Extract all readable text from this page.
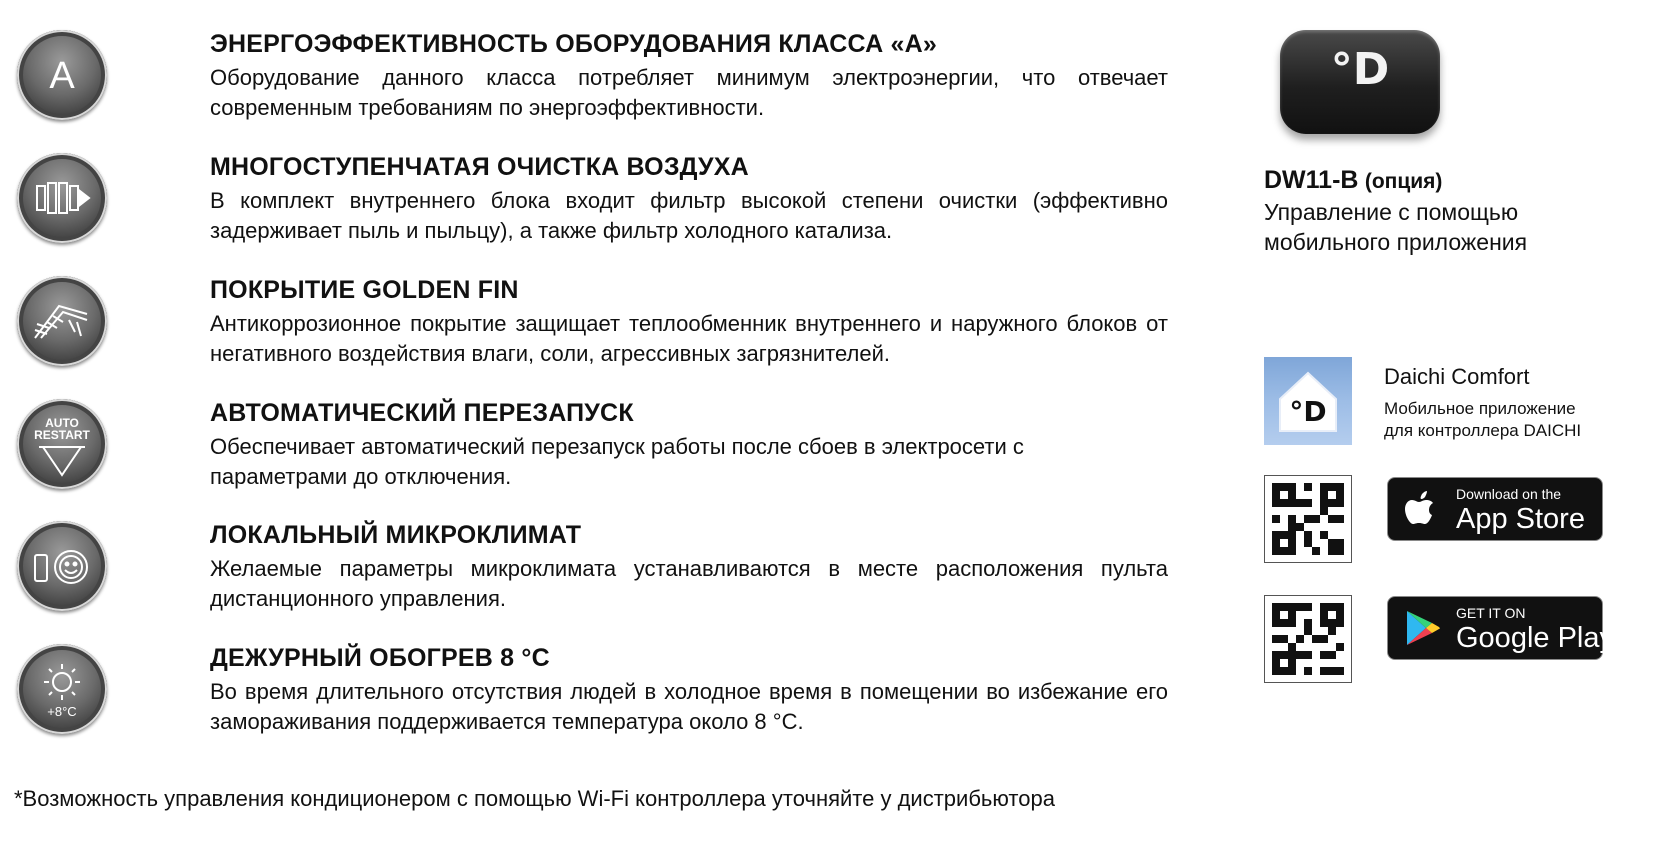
A
ЭНЕРГОЭФФЕКТИВНОСТЬ ОБОРУДОВАНИЯ КЛАССА «А»

Оборудование данного класса потребляет минимум электроэнергии, что отвечает современным требованиям по энергоэффективности.

МНОГОСТУПЕНЧАТАЯ ОЧИСТКА ВОЗДУХА

В комплект внутреннего блока входит фильтр высокой степени очистки (эффективно задерживает пыль и пыльцу), а также фильтр холодного катализа.

ПОКРЫТИЕ GOLDEN FIN

Антикоррозионное покрытие защищает теплообменник внутреннего и наружного блоков от негативного воздействия влаги, соли, агрессивных загрязнителей.

AUTO
RESTART
АВТОМАТИЧЕСКИЙ ПЕРЕЗАПУСК

Обеспечивает автоматический перезапуск работы после сбоев в электросети с параметрами до отключения.

ЛОКАЛЬНЫЙ МИКРОКЛИМАТ

Желаемые параметры микроклимата устанавливаются в месте расположения пульта дистанционного управления.

+8°C
ДЕЖУРНЫЙ ОБОГРЕВ 8 °С

Во время длительного отсутствия людей в холодное время в помещении во избежание его замораживания поддерживается температура около 8 °С.

*Возможность управления кондиционером с помощью Wi-Fi контроллера уточняйте у дистрибьютора
°D
DW11-B (опция)
Управление с помощью
мобильного приложения
°D
Daichi Comfort
Мобильное приложение
для контроллера DAICHI
Download on the
App Store
GET IT ON
Google Play
